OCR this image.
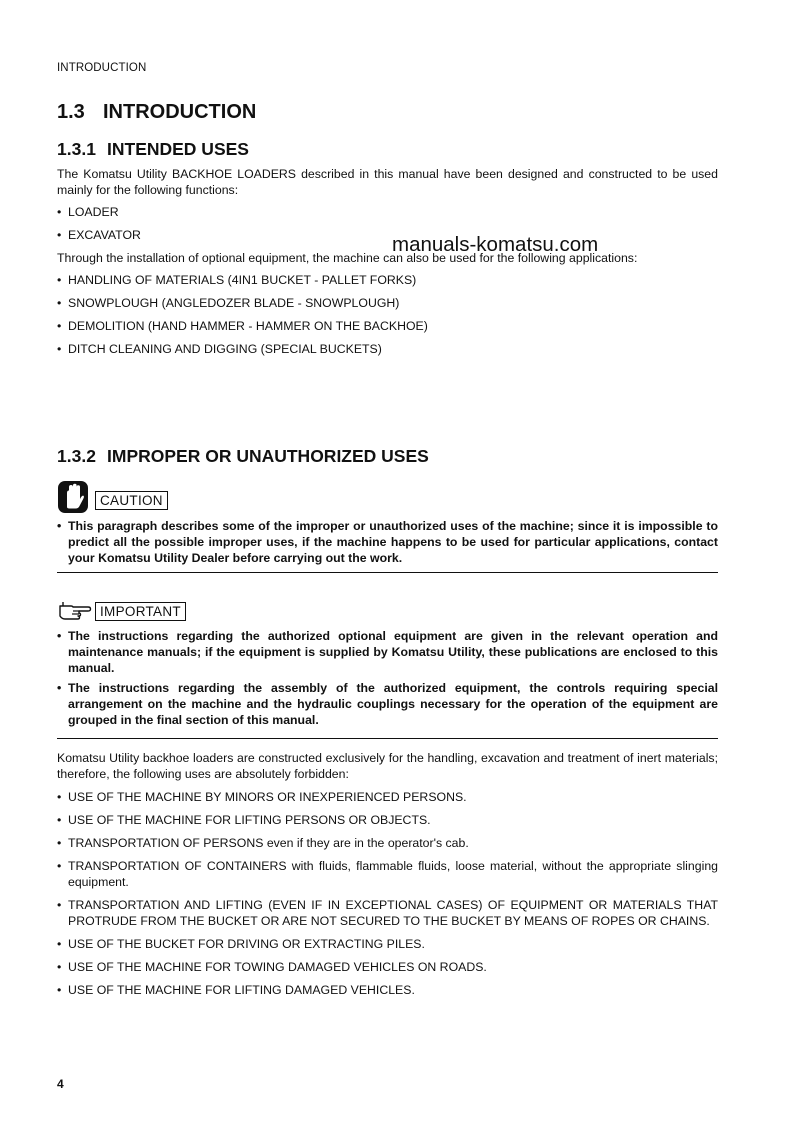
INTRODUCTION
1.3 INTRODUCTION
1.3.1 INTENDED USES

The Komatsu Utility BACKHOE LOADERS described in this manual have been designed and constructed to be used mainly for the following functions:

• LOADER
• EXCAVATOR

Through the installation of optional equipment, the machine can also be used for the following applications:

• HANDLING OF MATERIALS (4IN1 BUCKET - PALLET FORKS)
• SNOWPLOUGH (ANGLEDOZER BLADE - SNOWPLOUGH)
• DEMOLITION (HAND HAMMER - HAMMER ON THE BACKHOE)
• DITCH CLEANING AND DIGGING (SPECIAL BUCKETS)
1.3.2 IMPROPER OR UNAUTHORIZED USES
CAUTION
• This paragraph describes some of the improper or unauthorized uses of the machine; since it is impossible to predict all the possible improper uses, if the machine happens to be used for particular applications, contact your Komatsu Utility Dealer before carrying out the work.
IMPORTANT
• The instructions regarding the authorized optional equipment are given in the relevant operation and maintenance manuals; if the equipment is supplied by Komatsu Utility, these publications are enclosed to this manual.
• The instructions regarding the assembly of the authorized equipment, the controls requiring special arrangement on the machine and the hydraulic couplings necessary for the operation of the equipment are grouped in the final section of this manual.

Komatsu Utility backhoe loaders are constructed exclusively for the handling, excavation and treatment of inert materials; therefore, the following uses are absolutely forbidden:

• USE OF THE MACHINE BY MINORS OR INEXPERIENCED PERSONS.
• USE OF THE MACHINE FOR LIFTING PERSONS OR OBJECTS.
• TRANSPORTATION OF PERSONS even if they are in the operator's cab.
• TRANSPORTATION OF CONTAINERS with fluids, flammable fluids, loose material, without the appropriate slinging equipment.
• TRANSPORTATION AND LIFTING (EVEN IF IN EXCEPTIONAL CASES) OF EQUIPMENT OR MATERIALS THAT PROTRUDE FROM THE BUCKET OR ARE NOT SECURED TO THE BUCKET BY MEANS OF ROPES OR CHAINS.
• USE OF THE BUCKET FOR DRIVING OR EXTRACTING PILES.
• USE OF THE MACHINE FOR TOWING DAMAGED VEHICLES ON ROADS.
• USE OF THE MACHINE FOR LIFTING DAMAGED VEHICLES.
manuals-komatsu.com
4
